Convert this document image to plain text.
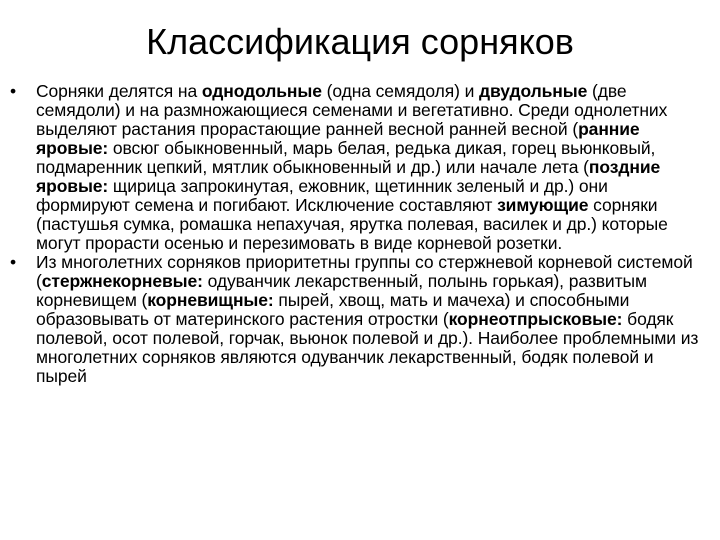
Классификация сорняков
•	Сорняки делятся на однодольные (одна семядоля) и двудольные (две семядоли) и на размножающиеся семенами и вегетативно. Среди однолетних выделяют растания прорастающие ранней весной ранней весной (ранние яровые: овсюг обыкновенный, марь белая, редька дикая, горец вьюнковый, подмаренник цепкий, мятлик обыкновенный и др.) или начале лета (поздние яровые: щирица запрокинутая, ежовник, щетинник зеленый и др.) они формируют семена и погибают. Исключение составляют зимующие сорняки (пастушья сумка, ромашка непахучая, ярутка полевая, василек и др.) которые могут прорасти осенью и перезимовать в виде корневой розетки.
•	Из многолетних сорняков приоритетны группы со стержневой корневой системой (стержнекорневые: одуванчик лекарственный, полынь горькая), развитым корневищем (корневищные: пырей, хвощ, мать и мачеха) и способными образовывать от материнского растения отростки (корнеотпрысковые: бодяк полевой, осот полевой, горчак, вьюнок полевой и др.). Наиболее проблемными из многолетних сорняков являются одуванчик лекарственный, бодяк полевой и пырей
